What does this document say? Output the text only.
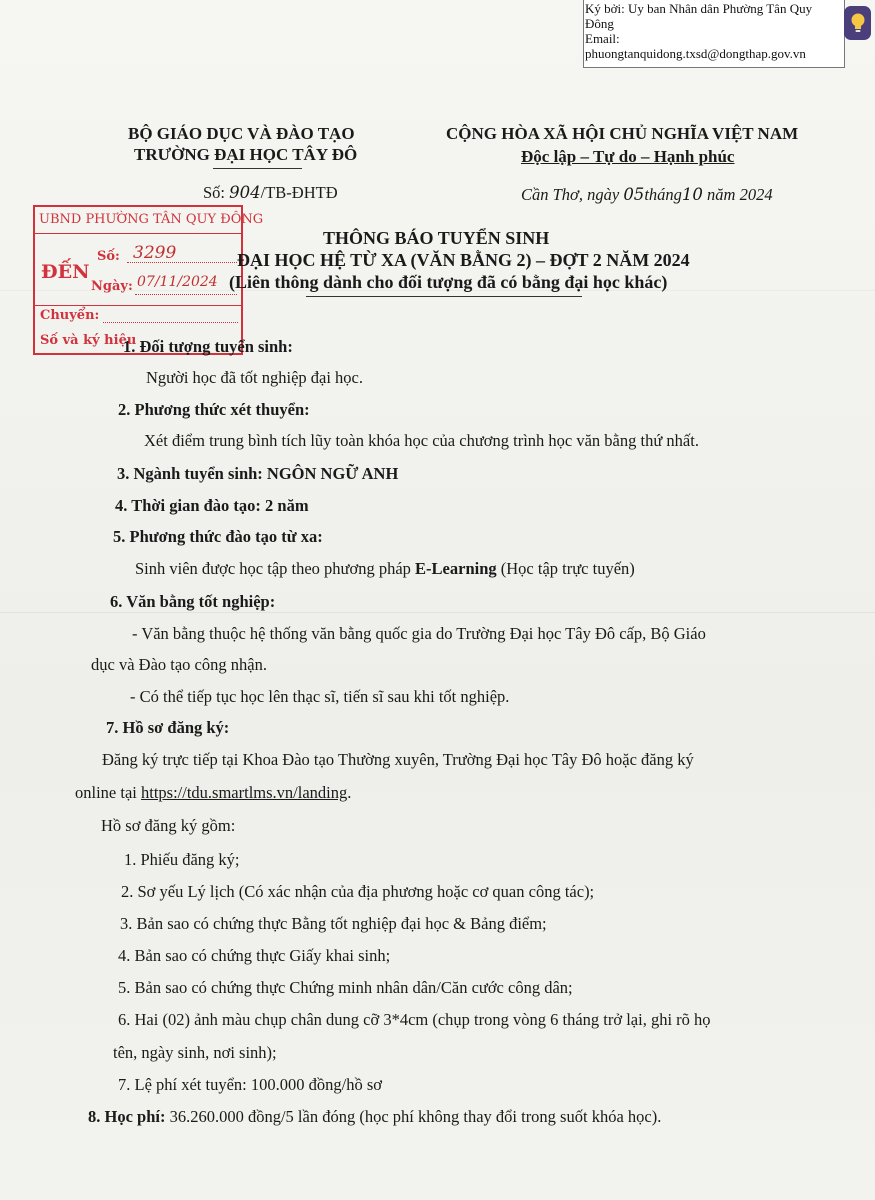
Ký bởi: Uy ban Nhân dân Phường Tân Quy
Đông
Email:
phuongtanquidong.txsd@dongthap.gov.vn
BỘ GIÁO DỤC VÀ ĐÀO TẠO
TRƯỜNG ĐẠI HỌC TÂY ĐÔ
Số: 904/TB-ĐHTĐ
CỘNG HÒA XÃ HỘI CHỦ NGHĨA VIỆT NAM
Độc lập – Tự do – Hạnh phúc
Cần Thơ, ngày 05tháng10 năm 2024
UBND PHƯỜNG TÂN QUY ĐÔNG
ĐẾN
Số: 3299
Ngày: 07/11/2024
Chuyển:
Số và ký hiệu
THÔNG BÁO TUYỂN SINH
ĐẠI HỌC HỆ TỪ XA (VĂN BẰNG 2) – ĐỢT 2 NĂM 2024
(Liên thông dành cho đối tượng đã có bằng đại học khác)
1. Đối tượng tuyển sinh:
Người học đã tốt nghiệp đại học.
2. Phương thức xét thuyển:
Xét điểm trung bình tích lũy toàn khóa học của chương trình học văn bằng thứ nhất.
3. Ngành tuyển sinh: NGÔN NGỮ ANH
4. Thời gian đào tạo: 2 năm
5. Phương thức đào tạo từ xa:
Sinh viên được học tập theo phương pháp E-Learning (Học tập trực tuyến)
6. Văn bằng tốt nghiệp:
- Văn bằng thuộc hệ thống văn bằng quốc gia do Trường Đại học Tây Đô cấp, Bộ Giáo
dục và Đào tạo công nhận.
- Có thể tiếp tục học lên thạc sĩ, tiến sĩ sau khi tốt nghiệp.
7. Hồ sơ đăng ký:
Đăng ký trực tiếp tại Khoa Đào tạo Thường xuyên, Trường Đại học Tây Đô hoặc đăng ký
online tại https://tdu.smartlms.vn/landing.
Hồ sơ đăng ký gồm:
1. Phiếu đăng ký;
2. Sơ yếu Lý lịch (Có xác nhận của địa phương hoặc cơ quan công tác);
3. Bản sao có chứng thực Bằng tốt nghiệp đại học & Bảng điểm;
4. Bản sao có chứng thực Giấy khai sinh;
5. Bản sao có chứng thực Chứng minh nhân dân/Căn cước công dân;
6. Hai (02) ảnh màu chụp chân dung cỡ 3*4cm (chụp trong vòng 6 tháng trở lại, ghi rõ họ
tên, ngày sinh, nơi sinh);
7. Lệ phí xét tuyển: 100.000 đồng/hồ sơ
8. Học phí: 36.260.000 đồng/5 lần đóng (học phí không thay đổi trong suốt khóa học).
